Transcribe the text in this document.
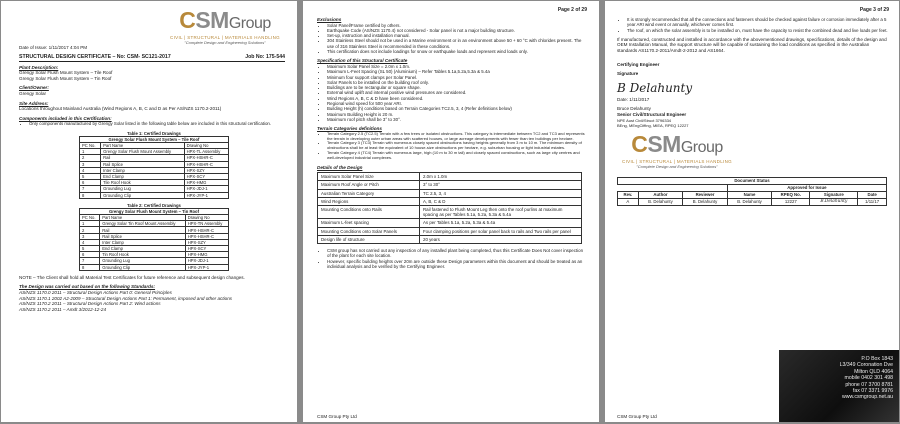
CSMGroup
CIVIL | STRUCTURAL | MATERIALS HANDLING
"Complete Design and Engineering Solutions"

Date of Issue: 1/11/2017 4:04 PM

STRUCTURAL DESIGN CERTIFICATE – No: CSM- SC121-2017	Job No: 175-544

Plant Description:

Grengy Solar Flush Mount System – Tile Roof

Grengy Solar Flush Mount System – Tin Roof

Client/Owner:

Grengy Solar

Site Address:

Locations throughout Mainland Australia (Wind Regions A, B, C and D as Per AS/NZS 1170.2-2011)

Components included in this Certification:

• Only components manufactured by Grengy Solar listed in the following table below are included in this structural certification.
Table 1: Certified Drawings		
Grengy Solar Flush Mount System – Tile Roof		
PC No.	Part Name	Drawing No
1	Grengy Solar Flush Mount Assembly	HPX-TL Assembly
2	Rail	HPX-HSHR-C
3	Rail Splice	HPX-HSHR-C
4	Inter Clamp	HPX-SZY
5	End Clamp	HPX-SCY
6	Tile Roof Hook	HPX-HMG
7	Grounding Lug	HPX-JDJ-1
8	Grounding Clip	HPX-JYP-1
Table 2: Certified Drawings		
Grengy Solar Flush Mount System – Tin Roof		
PC No.	Part Name	Drawing No
1	Grengy Solar Tin Roof Mount Assembly	HPX-TN Assembly
2	Rail	HPX-HSHR-C
3	Rail Splice	HPX-HSHR-C
4	Inter Clamp	HPX-SZY
5	End Clamp	HPX-SCY
6	Tin Roof Hook	HPX-HMG
7	Grounding Lug	HPX-JDJ-1
8	Grounding Clip	HPX-JYP-1

NOTE – The Client shall hold all Material Test Certificates for future reference and subsequent design changes.

The Design was carried out based on the following Standards:

AS/NZS 1170.0 2011 – Structural Design Actions Part 0: General Principles

AS/NZS 1170.1 2002 A2-2009 – Structural Design Actions Part 1: Permanent, imposed and other actions

AS/NZS 1170.2 2011 – Structural Design Actions Part 2: Wind actions

AS/NZS 1170.2 2011 – Amdt 3/2012-12-24

Page 2 of 29

Exclusions

• Solar Panel/Frame certified by others.
• Earthquake Code (AS/NZS 1170.4) not considered - Solar panel is not a major building structure.
• Set-up, instruction and installation manual.
• 304 Stainless Steel should not be used in a Marine environment or in an environment above 50 + 60 °C with chlorides present. The use of 316 Stainless Steel is recommended in these conditions.
• This certification does not include loadings for snow or earthquake loads and represent wind loads only.

Specification of this Structural Certificate

• Maximum Solar Panel Size = 2.0m x 1.0m.
• Maximum L-Feet Spacing (SL 50) (Aluminium) – Refer Tables 5.1a,5.2a,5.3a & 5.4a
• Minimum four support clamps per Solar Panel.
• Solar Panels to be installed on the building roof only.
• Buildings are to be rectangular or square shape.
• External wind uplift and internal positive wind pressures are considered.
• Wind Regions A, B, C & D have been considered.
• Regional wind speed for 500 year ARI.
• Building Height (h) conditions based on Terrain Categories TC2.5, 3, 4 (Refer definitions below)
• Maximum Building Height is 20 m.
• Maximum roof pitch shall be 3° to 30°.

Terrain Categories definitions

• Terrain Category 2.5 (TC2.5) Terrain with a few trees or isolated obstructions. This category is intermediate between TC2 and TC3 and represents the terrain in developing outer urban areas with scattered houses, or large acreage developments with fewer than ten buildings per hectare.
• Terrain Category 3 (TC3) Terrain with numerous closely spaced obstructions having heights generally from 3 m to 10 m. The minimum density of obstructions shall be at least the equivalent of 10 house-size obstructions per hectare, e.g. suburban housing or light industrial estates.
• Terrain Category 4 (TC4) Terrain with numerous large, high (10 m to 30 m tall) and closely spaced constructions, such as large city centres and well-developed industrial complexes.

Details of the Design

Maximum Solar Panel Size	2.0m x 1.0m
Maximum Roof Angle or Pitch	3° to 30°
Australian Terrain Category	TC 2.5, 3, 4
Wind Regions	A, B, C & D
Mounting Conditions onto Rails	Rail fastened to Flush Mount Leg then onto the roof purlins at maximum spacing as per Tables 5.1a, 5.2a, 5.3a & 5.4a
Maximum L-feet spacing	As per Tables 5.1a, 5.2a, 5.3a & 5.4a
Mounting Conditions onto Solar Panels	Four clamping positions per solar panel back to rails and Two rails per panel
Design life of structure	20 years
• CSM group has not carried out any inspection of any installed plant being completed, thus this Certificate Does Not cover inspection of the plant for each site location.
• However, specific building heights over 20m are outside these Design parameters within this document and should be treated as an individual analysis and be verified by the Certifying Engineer.
CSM Group Pty Ltd
Page 3 of 29
• It is strongly recommended that all the connections and fasteners should be checked against failure or corrosion immediately after a 5 year ARI wind event or annually, whichever comes first.
• The roof, on which the solar assembly is to be installed on, must have the capacity to resist the combined dead and live loads per feet.

If manufactured, constructed and installed in accordance with the abovementioned drawings, specifications, details of the design and OEM Installation Manual, the support structure will be capable of sustaining the load conditions as specified in the Australian standards AS1170.2-2011/Amdt-2-2012 and AS1664.

Certifying Engineer

Signature

B Delahunty

Date: 1/11/2017

Bruce Delahunty

Senior Civil/Structural Engineer

NPE Aust Civil/Struct 3796334

BEng, MEngCiffing, MIEA, RPEQ 12227

CSMGroup
CIVIL | STRUCTURAL | MATERIALS HANDLING
"Complete Design and Engineering Solutions"
Document Status						
			Approved for Issue			
Rev.	Author	Reviewer	Name	RPEQ No.	Signature	Date
A	B. Delahunty	B. Delahunty	B. Delahunty	12227	B.Delahunty	1/11/17
CSM Group Pty Ltd
P.O Box 1843
L3/349 Coronation Dve
Milton QLD 4064
mobile 0402 301 498
phone 07 3700 8781
fax 07 3371 9976
www.csmgroup.net.au
